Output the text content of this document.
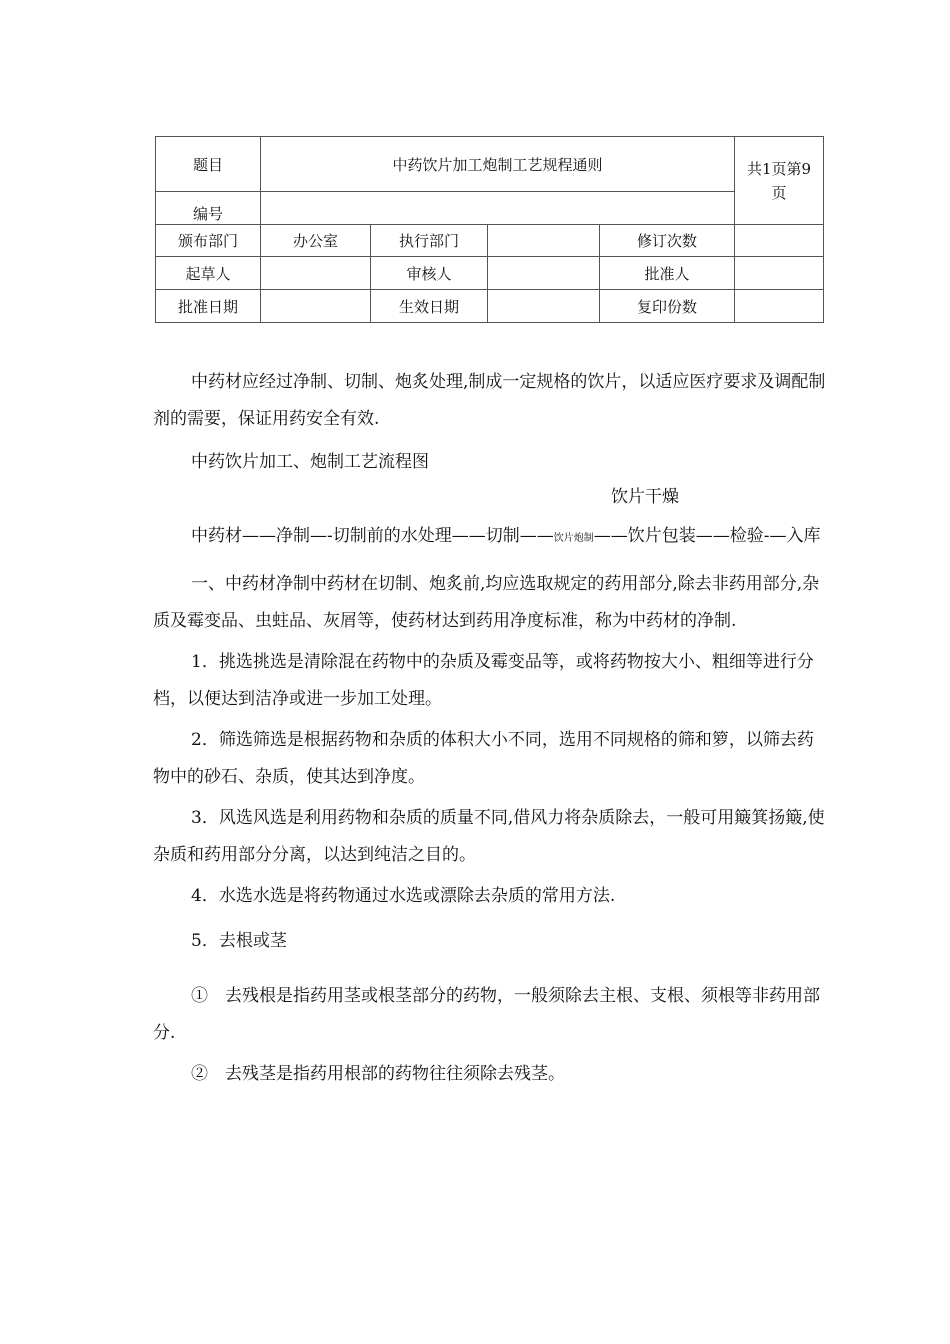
题目	中药饮片加工炮制工艺规程通则				共1页第9页
编号					
颁布部门	办公室	执行部门		修订次数	
起草人		审核人		批准人	
批准日期		生效日期		复印份数	

中药材应经过净制、切制、炮炙处理,制成一定规格的饮片，以适应医疗要求及调配制剂的需要，保证用药安全有效.

中药饮片加工、炮制工艺流程图

饮片干燥

中药材——净制—-切制前的水处理——切制——饮片炮制——饮片包装——检验-—入库

一、中药材净制中药材在切制、炮炙前,均应选取规定的药用部分,除去非药用部分,杂质及霉变品、虫蛀品、灰屑等，使药材达到药用净度标准，称为中药材的净制.

1．挑选挑选是清除混在药物中的杂质及霉变品等，或将药物按大小、粗细等进行分档，以便达到洁净或进一步加工处理。

2．筛选筛选是根据药物和杂质的体积大小不同，选用不同规格的筛和箩，以筛去药物中的砂石、杂质，使其达到净度。

3．风选风选是利用药物和杂质的质量不同,借风力将杂质除去，一般可用簸箕扬簸,使杂质和药用部分分离，以达到纯洁之目的。

4．水选水选是将药物通过水选或漂除去杂质的常用方法.

5．去根或茎

①　去残根是指药用茎或根茎部分的药物，一般须除去主根、支根、须根等非药用部分.

②　去残茎是指药用根部的药物往往须除去残茎。
